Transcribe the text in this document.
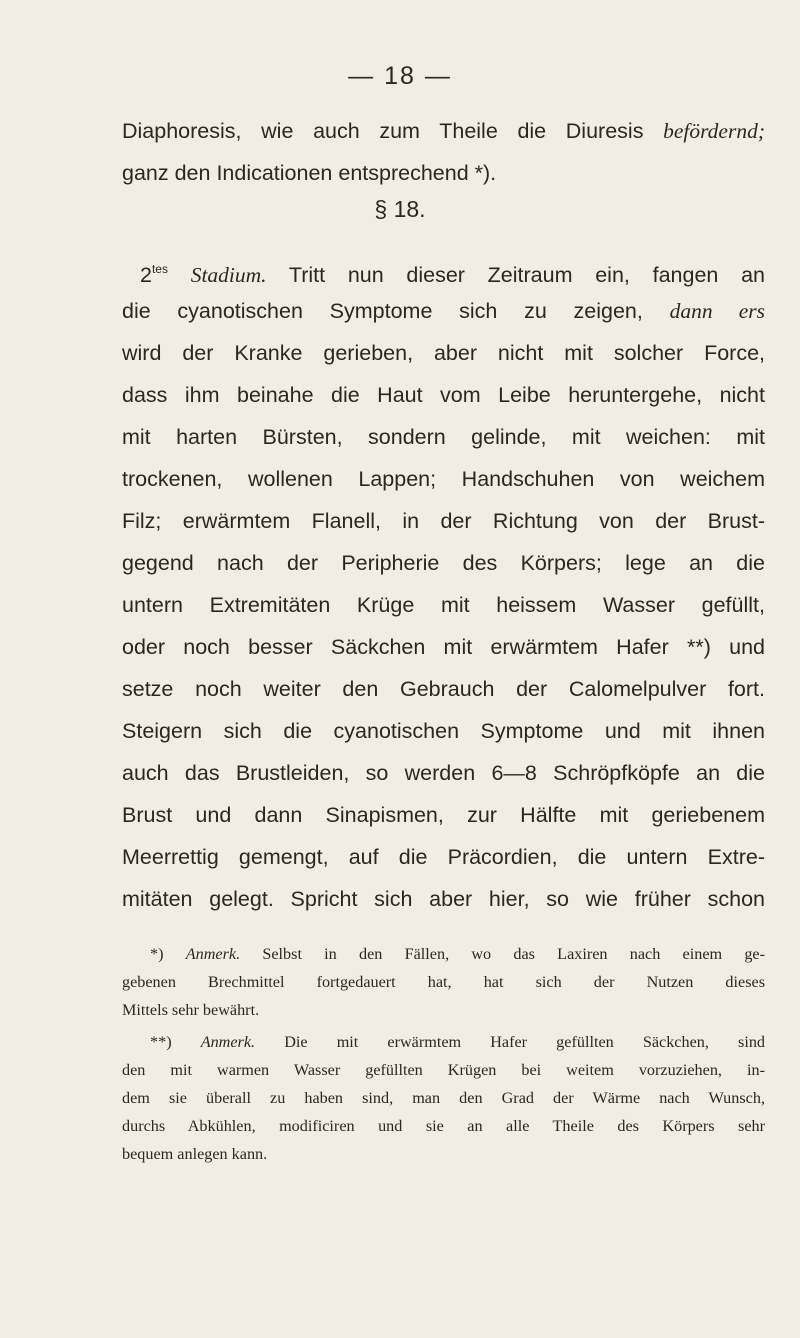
— 18 —
Diaphoresis, wie auch zum Theile die Diuresis befördernd;
ganz den Indicationen entsprechend *).
§ 18.
$2^{tes}$ Stadium. Tritt nun dieser Zeitraum ein, fangen an
die cyanotischen Symptome sich zu zeigen, dann ers
wird der Kranke gerieben, aber nicht mit solcher Force,
dass ihm beinahe die Haut vom Leibe heruntergehe, nicht
mit harten Bürsten, sondern gelinde, mit weichen: mit
trockenen, wollenen Lappen; Handschuhen von weichem
Filz; erwärmtem Flanell, in der Richtung von der Brust-
gegend nach der Peripherie des Körpers; lege an die
untern Extremitäten Krüge mit heissem Wasser gefüllt,
oder noch besser Säckchen mit erwärmtem Hafer **) und
setze noch weiter den Gebrauch der Calomelpulver fort.
Steigern sich die cyanotischen Symptome und mit ihnen
auch das Brustleiden, so werden 6—8 Schröpfköpfe an die
Brust und dann Sinapismen, zur Hälfte mit geriebenem
Meerrettig gemengt, auf die Präcordien, die untern Extre-
mitäten gelegt. Spricht sich aber hier, so wie früher schon
*) Anmerk. Selbst in den Fällen, wo das Laxiren nach einem ge-
gebenen Brechmittel fortgedauert hat, hat sich der Nutzen dieses
Mittels sehr bewährt.
**) Anmerk. Die mit erwärmtem Hafer gefüllten Säckchen, sind
den mit warmen Wasser gefüllten Krügen bei weitem vorzuziehen, in-
dem sie überall zu haben sind, man den Grad der Wärme nach Wunsch,
durchs Abkühlen, modificiren und sie an alle Theile des Körpers sehr
bequem anlegen kann.
